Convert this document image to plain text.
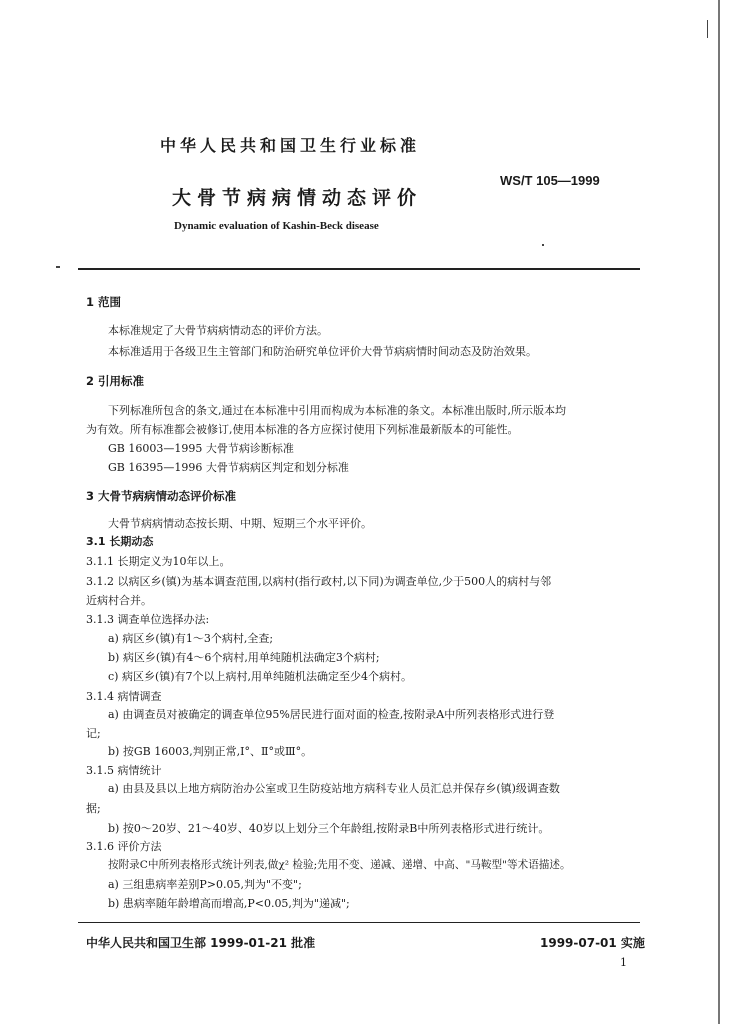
中华人民共和国卫生行业标准
WS/T 105—1999
大骨节病病情动态评价
Dynamic evaluation of Kashin-Beck disease
1 范围
本标准规定了大骨节病病情动态的评价方法。
本标准适用于各级卫生主管部门和防治研究单位评价大骨节病病情时间动态及防治效果。
2 引用标准
下列标准所包含的条文,通过在本标准中引用而构成为本标准的条文。本标准出版时,所示版本均
为有效。所有标准都会被修订,使用本标准的各方应探讨使用下列标准最新版本的可能性。
GB 16003—1995 大骨节病诊断标准
GB 16395—1996 大骨节病病区判定和划分标准
3 大骨节病病情动态评价标准
大骨节病病情动态按长期、中期、短期三个水平评价。
3.1 长期动态
3.1.1 长期定义为10年以上。
3.1.2 以病区乡(镇)为基本调查范围,以病村(指行政村,以下同)为调查单位,少于500人的病村与邻
近病村合并。
3.1.3 调查单位选择办法:
a) 病区乡(镇)有1～3个病村,全查;
b) 病区乡(镇)有4～6个病村,用单纯随机法确定3个病村;
c) 病区乡(镇)有7个以上病村,用单纯随机法确定至少4个病村。
3.1.4 病情调查
a) 由调查员对被确定的调查单位95%居民进行面对面的检查,按附录A中所列表格形式进行登
记;
b) 按GB 16003,判别正常,Ⅰ°、Ⅱ°或Ⅲ°。
3.1.5 病情统计
a) 由县及县以上地方病防治办公室或卫生防疫站地方病科专业人员汇总并保存乡(镇)级调查数
据;
b) 按0～20岁、21～40岁、40岁以上划分三个年龄组,按附录B中所列表格形式进行统计。
3.1.6 评价方法
按附录C中所列表格形式统计列表,做χ² 检验;先用不变、递减、递增、中高、"马鞍型"等术语描述。
a) 三组患病率差别P>0.05,判为"不变";
b) 患病率随年龄增高而增高,P<0.05,判为"递减";
中华人民共和国卫生部 1999-01-21 批准	1999-07-01 实施
1
